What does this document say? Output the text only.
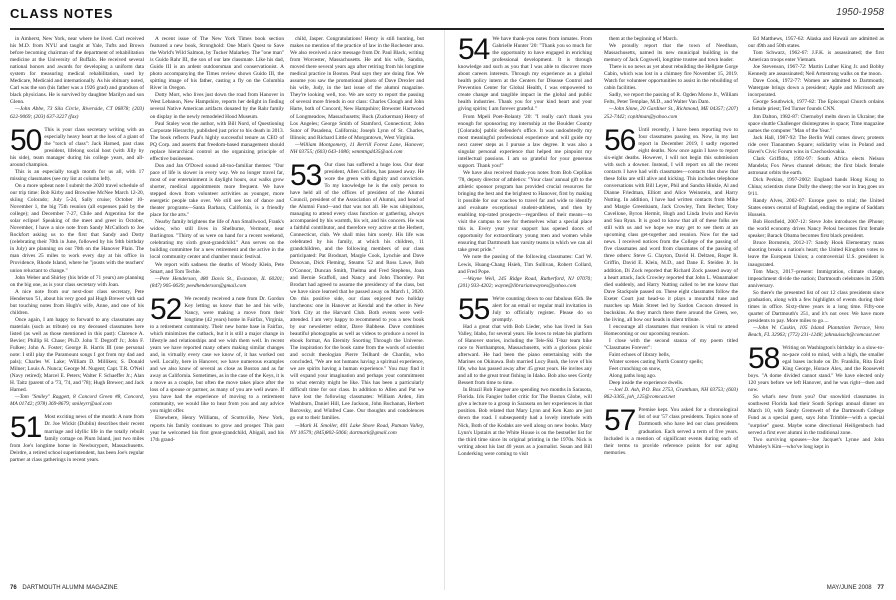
CLASS NOTES	1950-1958

in Amherst, New York, near where he lived. Carl received his M.D. from NYU and taught at Yale, Tufts and Brown before becoming chairman of the department of rehabilitation medicine at the University of Buffalo. He received several national honors and awards for developing a uniform data system for measuring medical rehabilitation, used by Medicare, Medicaid and internationally. As his obituary noted, Carl was the son (his father was a 1926 grad) and grandson of black physicians. He is survived by daughter Marilyn and son Glenn.

—John Abbe, 73 Sila Circle, Riverside, CT 06878; (203) 622-9069; (203) 637-3227 (fax)

50 This is your class secretary writing with an especially heavy heart at the loss of a giant of the "torch of class": Jack Harned, past class president, lifelong social host (with Jilly by his side), team manager during his college years, and all-around champion.

This is an especially tough month for us all, with 17 missing classmates (see my list at column left).

On a more upbeat note I submit the 2020 travel schedule of our trip time: Bob Kirby and Brownlee McNee March 12-20, skiing Colorado; July 5-24, Sally cruise; October 10-November 1, the big 75th reunion (all expenses paid by the college); and December 7-27, Chile and Argentina for the solar eclipse! Speaking of the meet and greet in October, November, I have a nice note from Sandy McCulloch to Joe Rockfort asking us to the first that Sandy and Dotty (celebrating their 70th in June, followed by his 94th birthday in July) are planning on our 70th on the Hanover Plain. The man drives 25 miles to work every day at his office in Providence, Rhode Island, where he "jousts with the teachers' union reluctant to change."

John Weber and Shirley (his bride of 71 years) are planning on the big one, as is your class secretary with Joan.

A nice note from our next-door class secretary, Pete Henderson '51, about his very good pal Hugh Brewer with sad but touching notes from Hugh's wife, Anne, and one of his children.

Once again, I am happy to forward to any classmates any materials (such as tribute) on my deceased classmates here listed (as well as those mentioned in this past): Clarence A. Bevier; Phillip H. Chase; Ph.D. John T. Degroff Jr.; John F. Fulkee; John A. Foster; George B. Harris III (one personal note: I still play the Paramount songs I got from my dad and pals); Charles W. Lake; William D. Milliken; S. Donald Milner; Louis A. Nunca; George M. Nugent; Capt. T.R. O'Neil (Navy retired); Marcel E. Peters; Walter F. Schaeffer Jr.; Alan H. Taitz (parent of a '73, '74, and '78); Hugh Brewer; and Jack Harned.

—Tom "Smiley" Raggett, 8 Concord Green #8, Concord, MA 01742; (978) 369-8679; smileyrr@aol.com

51 Most exciting news of the month: A note from Dr. Joe Wickit (Dublin) describes their recent marriage and idyllic life in the totally rebuilt family cottage on Plum Island, just two miles from Joe's longtime home in Newburyport, Massachusetts. Deirdre, a retired school superintendent, has been Joe's regular partner at class gatherings in recent years.

A recent issue of The New York Times book section featured a new book, Stronghold: One Man's Quest to Save the World's Wild Salmon, by Tucker Malarkey. The "one man" is Guido Rahr III, the son of our late classmate. Like his dad, Guido III is an ardent outdoorsman and conservationist. A photo accompanying the Times review shows Guido III, the spitting image of his father, casting a fly on the Columbia River in Oregon.

Dotty Mort, who lives just down the road from Hanover in West Lebanon, New Hampshire, reports her delight in finding several Native American artifacts donated by the Rahr family on display in the newly remodeled Hood Museum.

Paul Staley won the author, with Bill Nord, of Questioning Corporate Hierarchy, published just prior to his death in 2013. The book reflects Paul's highly successful tenure as CEO of PQ Corp. and asserts that freedom-based management should replace hierarchical control as the organizing principle of effective businesses.

Don and Jan O'Dowd sound all-too-familiar themes: "Our pace of life is slower in every way. We no longer travel far, most of our entertainment is daylight hours, our walks grow shorter, medical appointments more frequent. We have stepped down from volunteer activities as younger, more energetic people take over. We still see lots of dance and theater programs—Santa Barbara, California, is a friendly place for the arts."

Nearby family brightens the life of Ann Smallwood, Frank's widow, who still lives in Shelburne, Vermont, near Burlington. "Thirty of us were on hand for a recent weekend, celebrating my sixth great-grandchild." Ann serves on the building committee for a new retirement and the active in the local community center and chamber music festival.

We report with sadness the deaths of Woody Klein, Pete Smart, and Tom Techle.

—Pete Henderson, 480 Davis St., Evanston, IL 60201; (847) 905-0639; peedhenderson@gmail.com

52 We recently received a note from Dr. Gordon Key letting us know that he and his wife, Nancy, were making a move from their longtime (42 years) home in Fairfax, Virginia, to a retirement community. Their new home base in Fairfax, which minimizes the cutback, but it is still a major change in lifestyle and relationships and we wish them well. In recent years we have reported many others making similar changes and, in virtually every case we know of, it has worked out well. Locally, here in Hanover, we have numerous examples and we also know of several as close as Boston and as far away as California. Sometimes, as in the case of the Keys, it is a move as a couple, but often the move takes place after the loss of a spouse or partner, as many of you are well aware. If you have had the experience of moving to a retirement community, we would like to hear from you and any advice you might offer.

Elsewhere, Henry Williams, of Scottsville, New York, reports his family continues to grow and prosper. This past year he welcomed his first great-grandchild, Abigail, and his 17th grand-

child, Jasper. Congratulations! Henry is still hunting, but makes no mention of the practice of law in the Rochester area. We also received a nice message from Dr. Paul Black, writing from Worcester, Massachusetts. He and his wife, Sandra, moved there several years ago after retiring from his longtime medical practice in Boston. Paul says they are doing fine. We assume you saw the promotional photo of Dave Drexler and his wife, Judy, in the last issue of the alumni magazine. They're looking well, too. We are sorry to report the passing of several more friends in our class: Charles Clough and John Harte, both of Concord, New Hampshire; Brewster Hartwood of Longmeadow, Massachusetts; Buck (Zuckerman) Henry of Los Angeles; George Smith of Stamford, Connecticut; John Sutor of Pasadena, California; Joseph Lynn of St. Charles, Illinois; and Richard Little of Morgantown, West Virginia.

—William Montgomery, 11 Berrill Forest Lane, Hanover, NH 03755; (603) 643-1086; wmmtngd435@aol.com

53 Our class has suffered a huge loss. Our dear president, Allen Collins, has passed away. He wore the green with dignity and conviction. To my knowledge he is the only person to have held all of the offices of president of the Alumni Council, president of the Association of Alumni, and head of the Alumni Fund—and that was not all. He was ubiquitous, managing to attend every class function or gathering, always accompanied by his warmth, his wit, and his concern. He was a faithful contributor, and therefore very active at the Herbert, Connecticut, club. We shall miss him sorely. His life was celebrated by his family, at which his children, 11 grandchildren, and the following members of our class participated: Pat Brodnart, Margie Cook, Lynchie and Dave Donovan, Dick Fleming, Steams '52 and Ross Lawe, Bob O'Connor, Duncan Smith, Thelma and Fred Stephens, Joan and Bernie Scaffoll, and Nancy and John Thornley. Pat Brodart had agreed to assume the presidency of the class, but we have since learned that he passed away on March 1, 2020. On this positive side, our class enjoyed two holiday luncheons: one in Hanover at Kendal and the other in New York City at the Harvard Club. Both events were well-attended. I am very happy to recommend to you a new book by our newsletter editor, Dave Babbese. Dave combines beautiful photographs as well as videos to produce a novel in ebook format, An Eternity Snorting Through the Universe. The inspiration for the book came from the words of scientist and occult theologian Pierre Teilhard de Chardin, who concluded, "We are not humans having a spiritual experience, we are spirits having a human experience." You may find it will expand your imagination and perhaps your commitment to what eternity might be like. This has been a particularly difficult time for our class. In addition to Allen and Pat we have lost the following classmates: William Arden, Jim Washburn, Daniel Hill, Lee Jackson, John Buchanan, Herbert Borovsky, and Winfred Case. Our thoughts and condolences go out to their families.

—Mark H. Smoller, 401 Lake Shore Road, Putnam Valley, NY 10579; (845)802-5066; dartmark@gmail.com

54 We have thank-you notes from inmates. From Gabrielle Hunter '20: "Thank you so much for the opportunity to have engaged in enriching professional development. It is through knowledge and such as you that I was able to discover more about careers interests. Through my experience as a global health policy intern at the Centers for Disease Control and Prevention Center for Global Health, I was empowered to create change and tangible impact in the global and public health industries. Thank you for your kind heart and your giving spirits; I am forever grateful."

From Mpeli Poet-Bolanty '20: "I really can't thank you enough for sponsoring my internship at the Boulder County [Colorado] public defender's office. It was undoubtedly my most meaningful professional experience and will guide my next career steps as I pursue a law degree. It was also a singular personal experience that helped me pinpoint my intellectual passions. I am so grateful for your generous support. Thank you!"

We have also received thank-you notes from Bob Ceplikas '78, deputy director of athletics: "Your class' annual gift to the athletic sponsor program has provided crucial resources for bringing the best and the brightest to Hanover, first by making it possible for our coaches to travel far and wide to identify and evaluate exceptional student-athletes, and then by enabling top-rated prospects—regardless of their means—to visit the campus to see for themselves what a special place this is. Every year your support has opened doors of opportunity for extraordinary young men and women while ensuring that Dartmouth has varsity teams in which we can all take great pride."

We note the passing of the following classmates: Carl W. Lewis, Huang-Chang Hsieh, Tim Sullivan, Robert Collard, and Fred Pope.

—Wayne Weil, 245 Ridge Road, Rutherford, NJ 07070; (201) 933-4202; wayne@librarianwaynes@yahoo.com

55 We're counting down to our fabulous 65th. Be alert for an email or regular mail invitation in July to officially register. Please do so promptly.

Had a great chat with Bob Lieder, who has lived in Sun Valley, Idaho, for several years. He loves to relate his platform of Hanover stories, including the Tele-Ski T-bar team hike race to Northampton, Massachusetts, with a glorious picnic afterward. He had been the piano entertaining with the Marines on Okinawa. Bob married Lucy Bush, the love of his life, who has passed away after 45 great years. He invites any and all to the great trout fishing in Idaho. Bob also sees Gordy Bessett from time to time.

In Brazil Bob Fangeer are spending two months in Sarasota, Florida. Iris Fangier ballet critic for The Boston Globe, will give a lecture to a group in Sarasota on her experiences in that position. Bob related that Mary Lynn and Ken Kato are just down the road. I subsequently had a lovely interlude with Nick, Both of the Kodaks are well along on new books. Mary Lynn's Upstairs at the White House is on the bestseller list for the third time since its original printing in the 1970s. Nick is writing about his last 40 years as a journalist. Susan and Bill Londerking were coming to visit

them at the beginning of March.

We proudly report that the town of Needham, Massachusetts, named its new municipal building in the memory of Jack Cogswell, longtime trustee and town leader.

There is no news as yet about rebuilding the Hellgate Gorge Cabin, which was lost in a chimney fire November 15, 2019. Watch for volunteer opportunities to assist in the rebuilding of cabin facilities.

Sadly, we report the passing of R. Ogden Morse Jr., William Felts, Peter Templae, M.D., and Walter Van Dam.

—John Sinne, 20 Gardiner St., Richmond, ME 04357; (207) 252-7442; copitlman@yahoo.com

56 Until recently, I have been reporting two to four classmates passing on. Now, in my last report in December 2019, I sadly reported eight deaths. Now once again I have to report six-eight deaths. However, I will not begin this submission with such a downer. Instead, I will report on all the recent contacts I have had with classmates—contacts that show that these folks are still alive and kicking. This includes telephone conversations with Bill Leyer, Phil and Sandra Hinkle, Al and Dianne Friedman, Elliott and Alice Weinstein, and Harry Nutting. In addition, I have had written contacts from Mike and Margie Greenbaum, Jack Crowley, Tom Becher, Tony Cavellone, Byron Hermit, Hugh and Linda Irwin and Kevin and Suu Ryan. It is good to know that all of these folks are still with us and we hope we may get to see them at an upcoming class get-together and reunion. Now for the sad news. I received notices from the College of the passing of five classmates and word from classmates of the passing of three others: Steve G. Clayton, David H. Deltzen, Roger R. Griffin, David E. Klein, M.D., and Dane E. Steiden Jr. In addition, Di Zock reported that Richard Zock passed away of a heart attack, Jack Crowley reported that John L. Wanamaker died suddenly, and Harry Nutting called to let me know that Dave Stackpole passed on. These eight classmates follow the Exeter Court just head-so it plays a mournful tune and marches up Main Street led by Sardon Cocoon dressed in buckskins. As they march there there around the Green, we, the living, all bow our heads in silent tribute.

I encourage all classmates that reunion is vital to attend Homecoming or our upcoming reunion.

I close with the second stanza of my poem titled "Classmates Forever":

Faint echoes of library bells,

Winter scenes casting North Country spells;

Feet crunching on snow,

Along paths long ago.

Deep inside the experience dwells.

—Joel D. Ash, P.O. Box 2753, Grantham, NH 03753; (603) 862-3365, joh_125@comcast.net

57 Premise kept. You asked for a chronological list of our '57 class presidents. Topics none of Dartmouth who have led our class presidents graduation. Each served a term of five years. Included is a mention of significant events during each of their terms to provide reference points for our aging memories.

Ed Matthews, 1957-62: Alaska and Hawaii are admitted as our 49th and 50th states.

Tom Schwarz, 1962-67: J.F.K. is assassinated; the first American troops enter Vietnam.

Joe Stevenson, 1967-72: Martin Luther King Jr. and Bobby Kennedy are assassinated; Neil Armstrong walks on the moon.

Dave Cook, 1972-77: Women are admitted to Dartmouth; Watergate brings down a president; Apple and Microsoft are incorporated.

George Southwick, 1977-82: The Episcopal Church ordains a female priest; Ted Turner founds CNN.

Jim Dalton, 1982-87: Chernobyl melts down in Ukraine; the space shuttle Challenger disintegrates in space; Time magazine names the computer "Man of the Year."

Jack Hall, 1987-92: The Berlin Wall comes down; protests ride over Tiananmen Square; solidarity wins in Poland and Havel's Civic Forum wins in Czechoslovakia.

Clark Griffiths, 1992-97: South Africa elects Nelson Mandela; Fox News channel debuts; the first black female astronaut orbits the earth.

Dick Perkins, 1997-2002: England hands Hong Kong to China; scientists clone Dolly the sheep; the war in Iraq goes on 9/11.

Randy Alves, 2002-07: Europe goes to trial; the United States enters central of Baghdad, ending the regime of Saddam Hussein.

Bob Horsfield, 2007-12: Steve Jobs introduces the iPhone; the world economy drives Nancy Pelosi becomes first female speaker; Barack Obama becomes first black president.

Bruce Bornstein, 2012-17: Sandy Hook Elementary mass shooting breaks a nation's heart; the United Kingdom votes to leave the European Union; a controversial U.S. president is inaugurated.

Tom Macy, 2017–present: Immigration, climate change, impeachment divide the nation; Dartmouth celebrates its 250th anniversary.

So there's the presented list of our 12 class presidents since graduation, along with a few highlights of events during their times in office. Sixty-three years is a long time. Fifty-one quarter of Dartmouth's 251, and it's not over. We have more presidents to pay. More miles to go....

—John W. Caskin, 105 Island Plantation Terrace, Vero Beach, FL 32963; (772) 231-1248; jahnsuissch@comcast.net

58 Writing on Washington's birthday in a slow-to-no-pace cold to mind, with a high, the smaller egal bases include on Dr. Franklin, Rita Enid King George, Horace Alex, and the Roosevelt boys. "A dome divided cannot stand." We have elected only 120 years before we left Hanover, and he was right—then and now.

So what's new from you? Our snowbird classmates in southwest Florida had their South Springs annual dinner on March 10, with Sandy Gremwelt of the Dartmouth College Fund as a special guest, says John Trimble—with a special "surprise" guest. Maybe some directional Heiligenbuch had served a first ever alumni in the traditional zone.

Two surviving spouses—Joe Jacquet's Lynne and John Whiteley's Kim—who've long kept in

76 DARTMOUTH ALUMNI MAGAZINE	MAY/JUNE 2008 77
